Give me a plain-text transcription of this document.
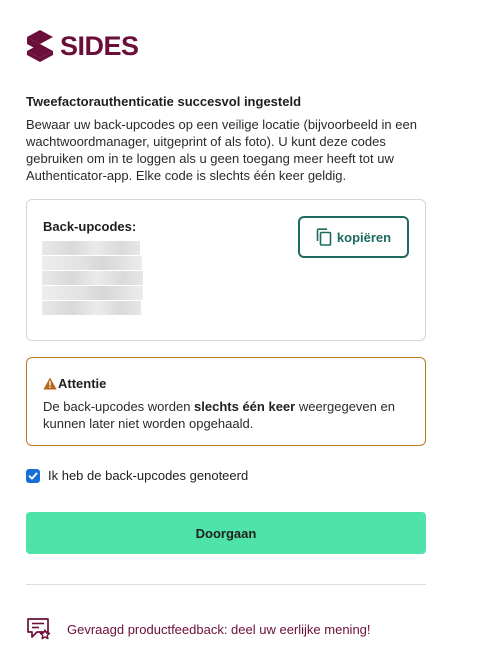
SIDES
Tweefactorauthenticatie succesvol ingesteld
Bewaar uw back-upcodes op een veilige locatie (bijvoorbeeld in een wachtwoordmanager, uitgeprint of als foto). U kunt deze codes gebruiken om in te loggen als u geen toegang meer heeft tot uw Authenticator-app. Elke code is slechts één keer geldig.
Back-upcodes:
kopiëren
Attentie
De back-upcodes worden slechts één keer weergegeven en kunnen later niet worden opgehaald.
Ik heb de back-upcodes genoteerd
Doorgaan
Gevraagd productfeedback: deel uw eerlijke mening!
